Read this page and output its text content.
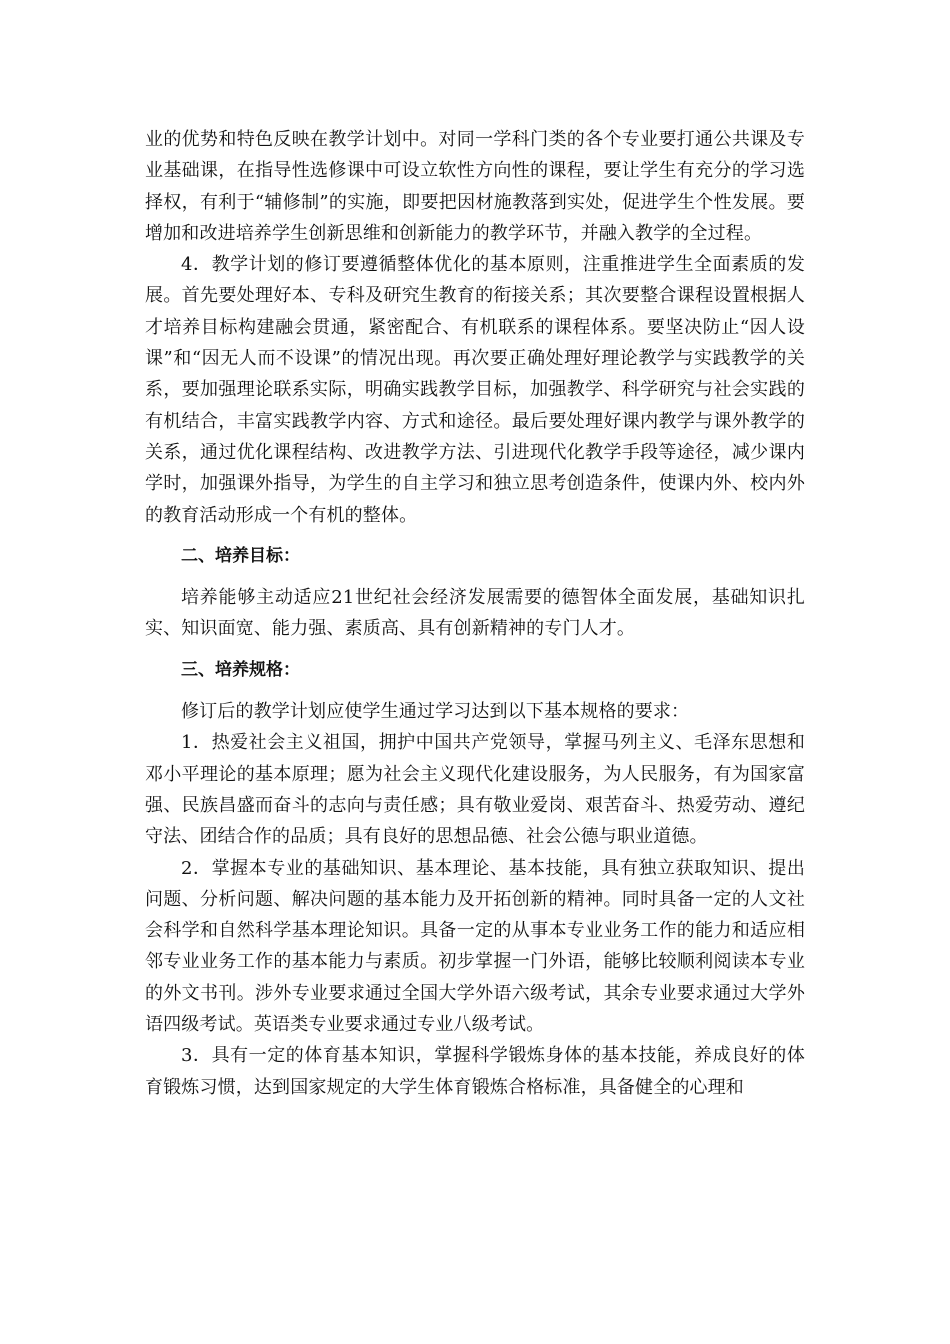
业的优势和特色反映在教学计划中。对同一学科门类的各个专业要打通公共课及专业基础课，在指导性选修课中可设立软性方向性的课程，要让学生有充分的学习选择权，有利于“辅修制”的实施，即要把因材施教落到实处，促进学生个性发展。要增加和改进培养学生创新思维和创新能力的教学环节，并融入教学的全过程。

4．教学计划的修订要遵循整体优化的基本原则，注重推进学生全面素质的发展。首先要处理好本、专科及研究生教育的衔接关系；其次要整合课程设置根据人才培养目标构建融会贯通，紧密配合、有机联系的课程体系。要坚决防止“因人设课”和“因无人而不设课”的情况出现。再次要正确处理好理论教学与实践教学的关系，要加强理论联系实际，明确实践教学目标，加强教学、科学研究与社会实践的有机结合，丰富实践教学内容、方式和途径。最后要处理好课内教学与课外教学的关系，通过优化课程结构、改进教学方法、引进现代化教学手段等途径，减少课内学时，加强课外指导，为学生的自主学习和独立思考创造条件，使课内外、校内外的教育活动形成一个有机的整体。

二、培养目标：

培养能够主动适应21世纪社会经济发展需要的德智体全面发展，基础知识扎实、知识面宽、能力强、素质高、具有创新精神的专门人才。

三、培养规格：

修订后的教学计划应使学生通过学习达到以下基本规格的要求：

1．热爱社会主义祖国，拥护中国共产党领导，掌握马列主义、毛泽东思想和邓小平理论的基本原理；愿为社会主义现代化建设服务，为人民服务，有为国家富强、民族昌盛而奋斗的志向与责任感；具有敬业爱岗、艰苦奋斗、热爱劳动、遵纪守法、团结合作的品质；具有良好的思想品德、社会公德与职业道德。

2．掌握本专业的基础知识、基本理论、基本技能，具有独立获取知识、提出问题、分析问题、解决问题的基本能力及开拓创新的精神。同时具备一定的人文社会科学和自然科学基本理论知识。具备一定的从事本专业业务工作的能力和适应相邻专业业务工作的基本能力与素质。初步掌握一门外语，能够比较顺利阅读本专业的外文书刊。涉外专业要求通过全国大学外语六级考试，其余专业要求通过大学外语四级考试。英语类专业要求通过专业八级考试。

3．具有一定的体育基本知识，掌握科学锻炼身体的基本技能，养成良好的体育锻炼习惯，达到国家规定的大学生体育锻炼合格标准，具备健全的心理和
